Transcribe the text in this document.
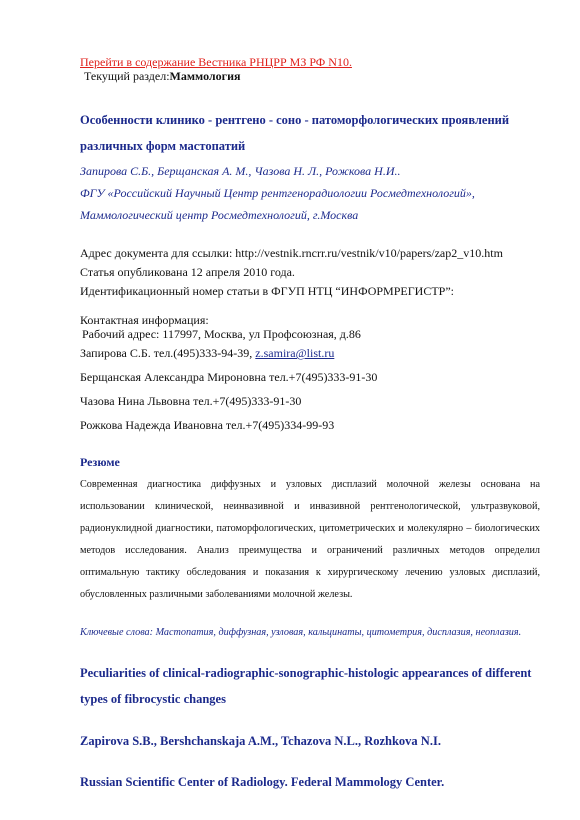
Перейти в содержание Вестника РНЦРР МЗ РФ N10.
Текущий раздел:Маммология
Особенности клинико - рентгено - соно - патоморфологических проявлений различных форм мастопатий
Запирова С.Б., Берщанская А. М., Чазова Н. Л., Рожкова Н.И..
ФГУ «Российский Научный Центр рентгенорадиологии Росмедтехнологий»,
Маммологический центр Росмедтехнологий, г.Москва
Адрес документа для ссылки: http://vestnik.rncrr.ru/vestnik/v10/papers/zap2_v10.htm
Статья опубликована 12 апреля 2010 года.
Идентификационный номер статьи в ФГУП НТЦ “ИНФОРМРЕГИСТР”:
Контактная информация:
Рабочий адрес: 117997, Москва, ул Профсоюзная, д.86
Запирова С.Б. тел.(495)333-94-39, z.samira@list.ru
Берщанская Александра Мироновна тел.+7(495)333-91-30
Чазова Нина Львовна тел.+7(495)333-91-30
Рожкова Надежда Ивановна тел.+7(495)334-99-93
Резюме
Современная диагностика диффузных и узловых дисплазий молочной железы основана на использовании клинической, неинвазивной и инвазивной рентгенологической, ультразвуковой, радионуклидной диагностики, патоморфологических, цитометрических и молекулярно – биологических методов исследования. Анализ преимущества и ограничений различных методов определил оптимальную тактику обследования и показания к хирургическому лечению узловых дисплазий, обусловленных различными заболеваниями молочной железы.
Ключевые слова: Мастопатия, диффузная, узловая, кальцинаты, цитометрия, дисплазия, неоплазия.
Peculiarities of clinical-radiographic-sonographic-histologic appearances of different types of fibrocystic changes
Zapirova S.B., Bershchanskaja A.M., Tchazova N.L., Rozhkova N.I.
Russian Scientific Center of Radiology. Federal Mammology Center.
